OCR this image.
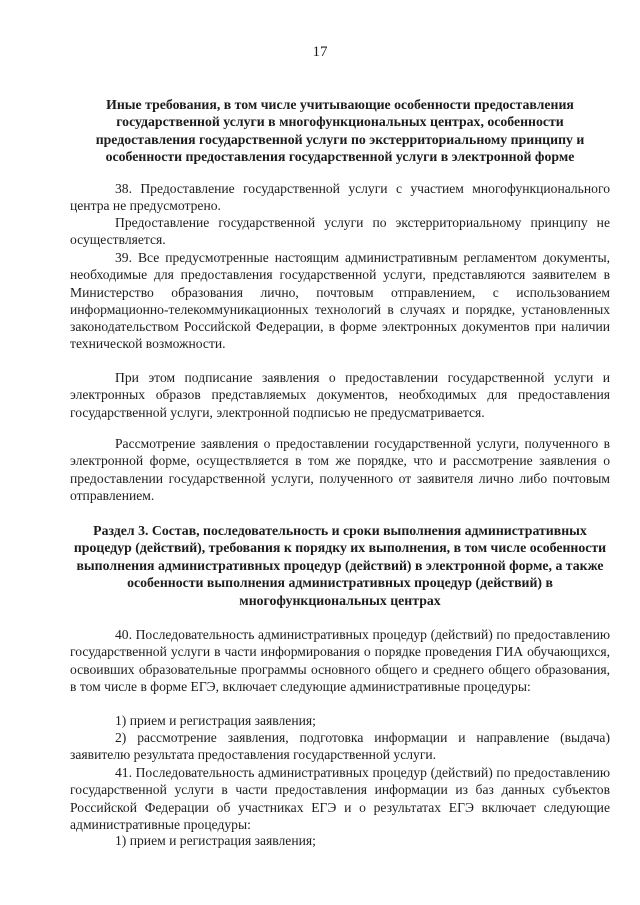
17
Иные требования, в том числе учитывающие особенности предоставления государственной услуги в многофункциональных центрах, особенности предоставления государственной услуги по экстерриториальному принципу и особенности предоставления государственной услуги в электронной форме

38. Предоставление государственной услуги с участием многофункционального центра не предусмотрено.

Предоставление государственной услуги по экстерриториальному принципу не осуществляется.

39. Все предусмотренные настоящим административным регламентом документы, необходимые для предоставления государственной услуги, представляются заявителем в Министерство образования лично, почтовым отправлением, с использованием информационно-телекоммуникационных технологий в случаях и порядке, установленных законодательством Российской Федерации, в форме электронных документов при наличии технической возможности.

При этом подписание заявления о предоставлении государственной услуги и электронных образов представляемых документов, необходимых для предоставления государственной услуги, электронной подписью не предусматривается.

Рассмотрение заявления о предоставлении государственной услуги, полученного в электронной форме, осуществляется в том же порядке, что и рассмотрение заявления о предоставлении государственной услуги, полученного от заявителя лично либо почтовым отправлением.

Раздел 3. Состав, последовательность и сроки выполнения административных процедур (действий), требования к порядку их выполнения, в том числе особенности выполнения административных процедур (действий) в электронной форме, а также особенности выполнения административных процедур (действий) в многофункциональных центрах

40. Последовательность административных процедур (действий) по предоставлению государственной услуги в части информирования о порядке проведения ГИА обучающихся, освоивших образовательные программы основного общего и среднего общего образования, в том числе в форме ЕГЭ, включает следующие административные процедуры:

1) прием и регистрация заявления;

2) рассмотрение заявления, подготовка информации и направление (выдача) заявителю результата предоставления государственной услуги.

41. Последовательность административных процедур (действий) по предоставлению государственной услуги в части предоставления информации из баз данных субъектов Российской Федерации об участниках ЕГЭ и о результатах ЕГЭ включает следующие административные процедуры:

1) прием и регистрация заявления;
